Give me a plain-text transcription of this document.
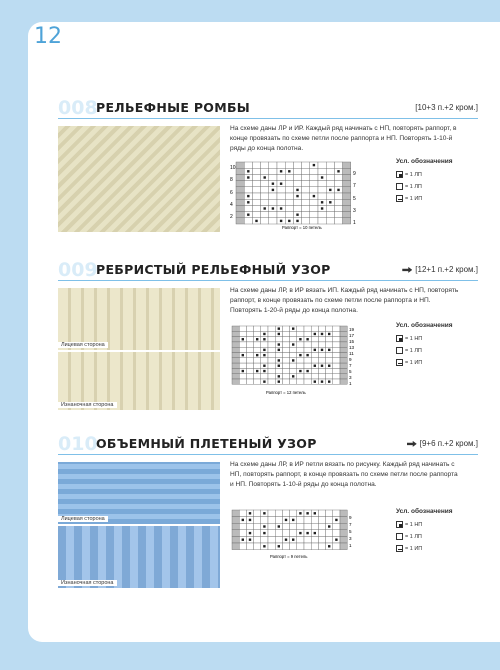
12
008
РЕЛЬЕФНЫЕ РОМБЫ	[10+3 п.+2 кром.]
На схеме даны ЛР и ИР. Каждый ряд начинать с НП, повторять раппорт, в конце провязать по схеме петли после раппорта и НП. Повторять 1-10-й ряды до конца полотна.
10
8
6
4
2
9
7
5
3
1
Раппорт = 10 петель
Усл. обозначения
= 1 ЛП
= 1 ЛП
= 1 ИП
009
РЕБРИСТЫЙ РЕЛЬЕФНЫЙ УЗОР	[12+1 п.+2 кром.]
Лицевая сторона
Изнаночная сторона
На схеме даны ЛР, в ИР вязать ИП. Каждый ряд начинать с НП, повторять раппорт, в конце провязать по схеме петли после раппорта и НП. Повторять 1-20-й ряды до конца полотна.
19
17
15
13
11
9
7
5
3
1
Раппорт = 12 петель
Усл. обозначения
= 1 НП
= 1 ЛП
= 1 ИП
010
ОБЪЕМНЫЙ ПЛЕТЕНЫЙ УЗОР	[9+6 п.+2 кром.]
Лицевая сторона
Изнаночная сторона
На схеме даны ЛР, в ИР петли вязать по рисунку. Каждый ряд начинать с НП, повторять раппорт, в конце провязать по схеме петли после раппорта и НП. Повторять 1-10-й ряды до конца полотна.
9
7
5
3
1
Раппорт = 9 петель
Усл. обозначения
= 1 НП
= 1 ЛП
= 1 ИП
